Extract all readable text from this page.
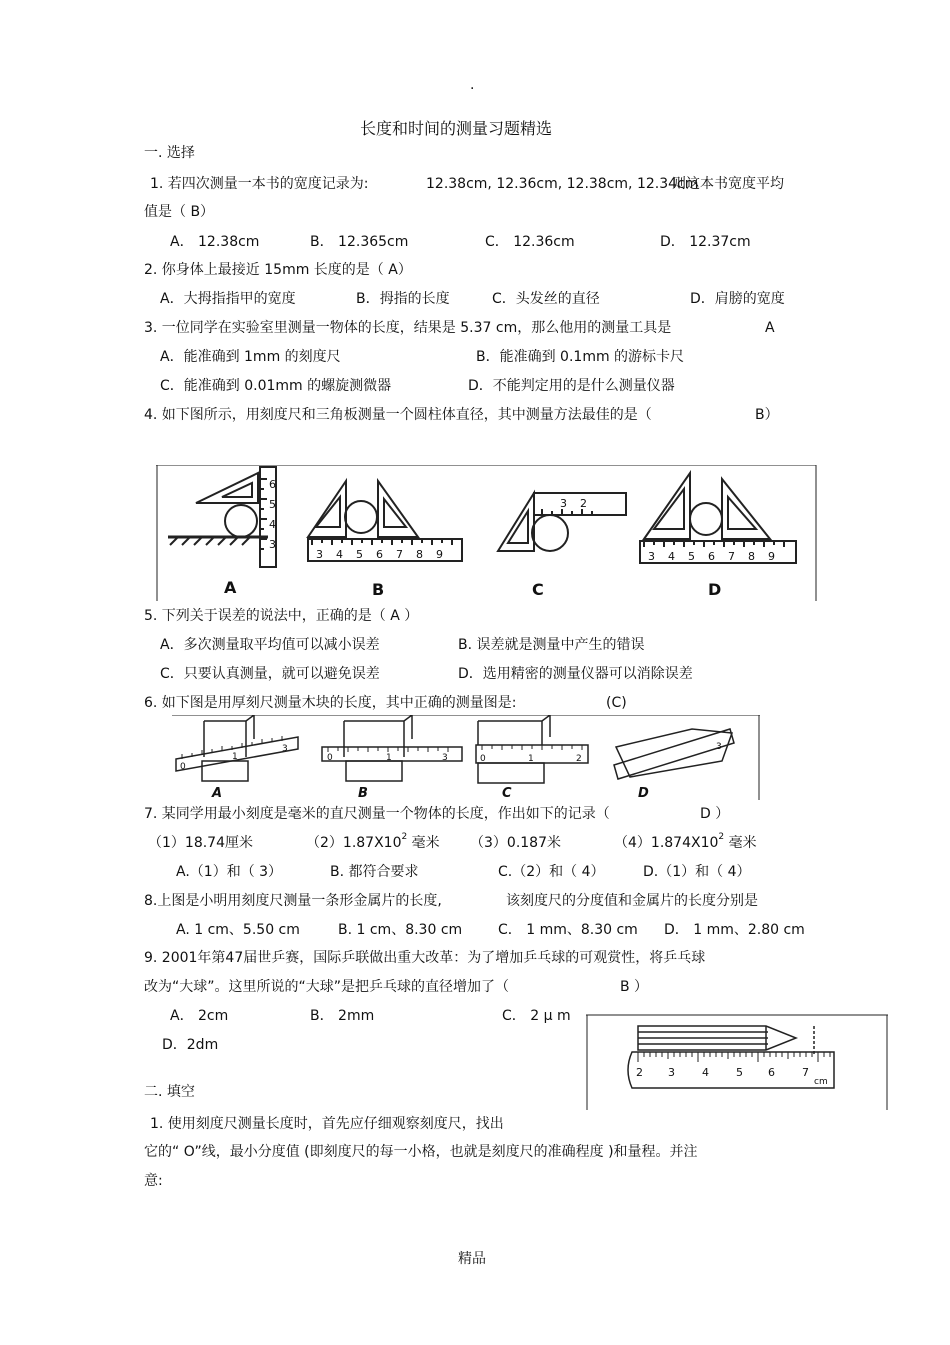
.
长度和时间的测量习题精选
一. 选择
1. 若四次测量一本书的宽度记录为:	12.38cm, 12.36cm, 12.38cm, 12.34cm
则这本书宽度平均
值是（ B）
A． 12.38cm	B． 12.365cm	C． 12.36cm	D． 12.37cm
2. 你身体上最接近 15mm 长度的是（ A）
A．大拇指指甲的宽度	B．拇指的长度	C．头发丝的直径	D．肩膀的宽度
3. 一位同学在实验室里测量一物体的长度，结果是 5.37 cm，那么他用的测量工具是	A
A．能准确到 1mm 的刻度尺	B．能准确到 0.1mm 的游标卡尺
C．能准确到 0.01mm 的螺旋测微器	D．不能判定用的是什么测量仪器
4. 如下图所示，用刻度尺和三角板测量一个圆柱体直径，其中测量方法最佳的是（	B）
6
5
4
3
3 4 5 6 7 8 9
3 2
3 4 5 6 7 8 9
A	B	C	D
5. 下列关于误差的说法中，正确的是（ A ）
A．多次测量取平均值可以减小误差	B. 误差就是测量中产生的错误
C．只要认真测量，就可以避免误差	D．选用精密的测量仪器可以消除误差
6. 如下图是用厚刻尺测量木块的长度，其中正确的测量图是:	(C)
0
1
3
0	1	3	0	1	2
3
A	B	C	D
7. 某同学用最小刻度是毫米的直尺测量一个物体的长度，作出如下的记录（	D ）
（1）18.74厘米	$(2)1.87X10^2$ 毫米 （3）0.187米	$(4)1.874X10^2$ 毫米
A.（1）和（ 3）	B. 都符合要求	C.（2）和（ 4）	D.（1）和（ 4）
8.上图是小明用刻度尺测量一条形金属片的长度,	该刻度尺的分度值和金属片的长度分别是
A. 1 cm、5.50 cm	B. 1 cm、8.30 cm	C． 1 mm、8.30 cm D． 1 mm、2.80 cm
9. 2001年第47届世乒赛，国际乒联做出重大改革：为了增加乒乓球的可观赏性，将乒乓球
改为“大球”。这里所说的“大球”是把乒乓球的直径增加了（	B ）
A． 2cm	B． 2mm	C． 2 μ m
D．2dm
2 3 4 5 6 7
cm
二. 填空
1. 使用刻度尺测量长度时，首先应仔细观察刻度尺，找出
它的“ O”线，最小分度值 (即刻度尺的每一小格，也就是刻度尺的准确程度 )和量程。并注
意:
精品
